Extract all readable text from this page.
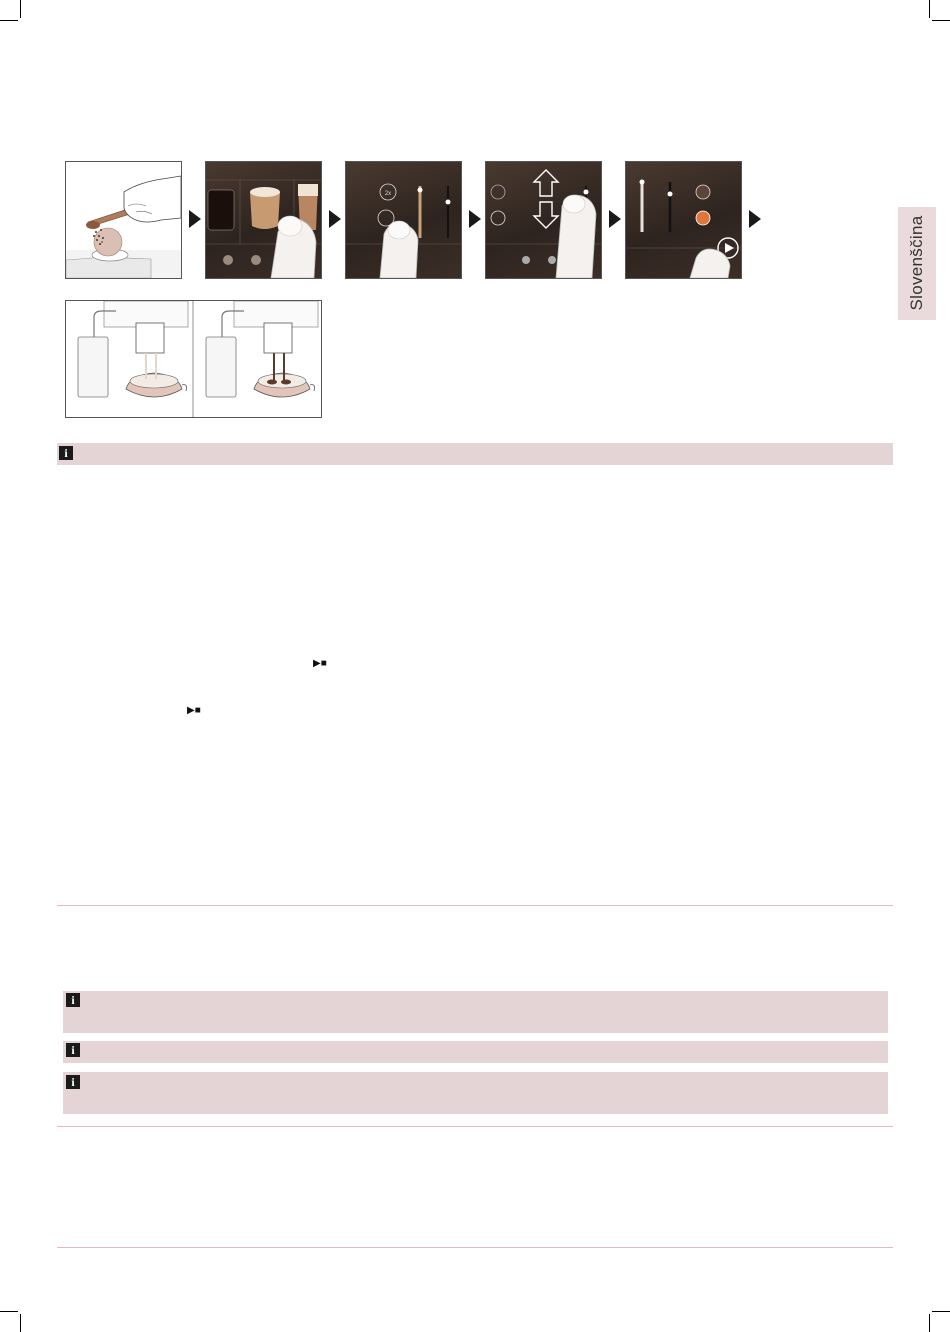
Slovenščina
2x
i
▶■
▶■
i
i
i
